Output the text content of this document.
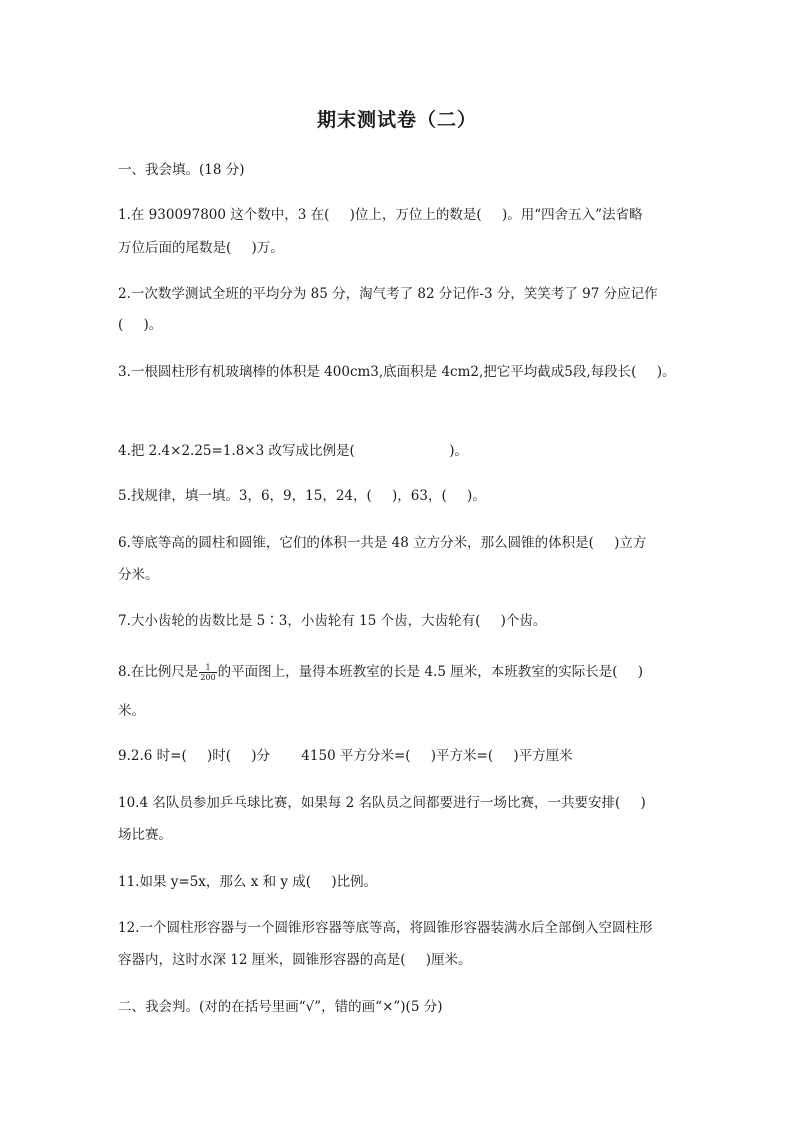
期末测试卷（二）
一、我会填。(18 分)
1.在 930097800 这个数中，3 在(  )位上，万位上的数是(  )。用“四舍五入”法省略
万位后面的尾数是(  )万。
2.一次数学测试全班的平均分为 85 分，淘气考了 82 分记作-3 分，笑笑考了 97 分应记作
(  )。
3.一根圆柱形有机玻璃棒的体积是 400cm3,底面积是 4cm2,把它平均截成5段,每段长(  )。
4.把 2.4×2.25=1.8×3 改写成比例是(       )。
5.找规律，填一填。3，6，9，15，24，(  )，63，(  )。
6.等底等高的圆柱和圆锥，它们的体积一共是 48 立方分米，那么圆锥的体积是(  )立方
分米。
7.大小齿轮的齿数比是 5∶3，小齿轮有 15 个齿，大齿轮有(  )个齿。
8.在比例尺是 $\frac{1}{200}$ 的平面图上，量得本班教室的长是 4.5 厘米，本班教室的实际长是(  )
米。
9.2.6 时=(  )时(  )分   4150 平方分米=(  )平方米=(  )平方厘米
10.4 名队员参加乒乓球比赛，如果每 2 名队员之间都要进行一场比赛，一共要安排(  )
场比赛。
11.如果 y=5x，那么 x 和 y 成(  )比例。
12.一个圆柱形容器与一个圆锥形容器等底等高，将圆锥形容器装满水后全部倒入空圆柱形
容器内，这时水深 12 厘米，圆锥形容器的高是(  )厘米。
二、我会判。(对的在括号里画“√”，错的画“×”)(5 分)
